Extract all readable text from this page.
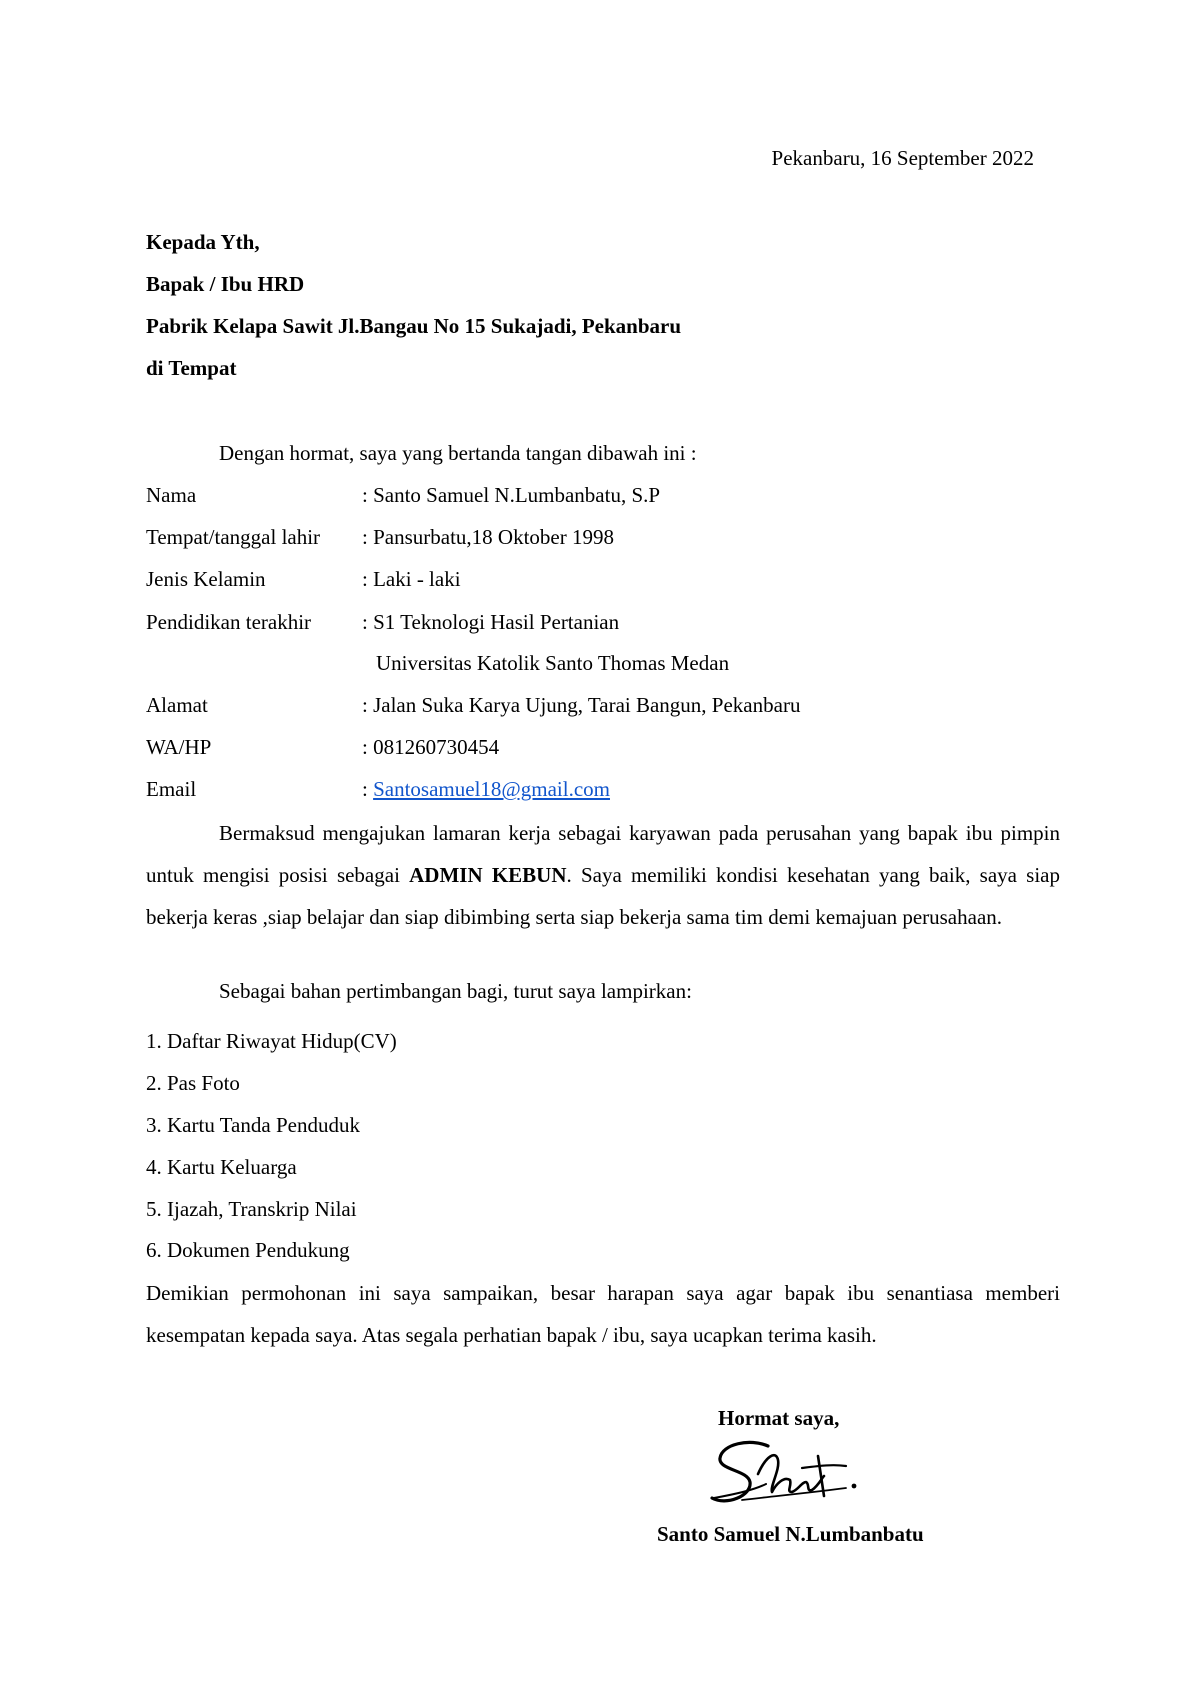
Pekanbaru, 16 September 2022
Kepada Yth,
Bapak / Ibu HRD
Pabrik Kelapa Sawit Jl.Bangau No 15 Sukajadi, Pekanbaru
di Tempat
Dengan hormat, saya yang bertanda tangan dibawah ini :
Nama	: Santo Samuel N.Lumbanbatu, S.P
Tempat/tanggal lahir : Pansurbatu,18 Oktober 1998
Jenis Kelamin	: Laki - laki
Pendidikan terakhir : S1 Teknologi Hasil Pertanian
Universitas Katolik Santo Thomas Medan
Alamat	: Jalan Suka Karya Ujung, Tarai Bangun, Pekanbaru
WA/HP	: 081260730454
Email	: Santosamuel18@gmail.com

Bermaksud mengajukan lamaran kerja sebagai karyawan pada perusahan yang bapak ibu pimpin untuk mengisi posisi sebagai ADMIN KEBUN. Saya memiliki kondisi kesehatan yang baik, saya siap bekerja keras ,siap belajar dan siap dibimbing serta siap bekerja sama tim demi kemajuan perusahaan.

Sebagai bahan pertimbangan bagi, turut saya lampirkan:
1. Daftar Riwayat Hidup(CV)
2. Pas Foto
3. Kartu Tanda Penduduk
4. Kartu Keluarga
5. Ijazah, Transkrip Nilai
6. Dokumen Pendukung

Demikian permohonan ini saya sampaikan, besar harapan saya agar bapak ibu senantiasa memberi kesempatan kepada saya. Atas segala perhatian bapak / ibu, saya ucapkan terima kasih.

Hormat saya,
Santo Samuel N.Lumbanbatu
